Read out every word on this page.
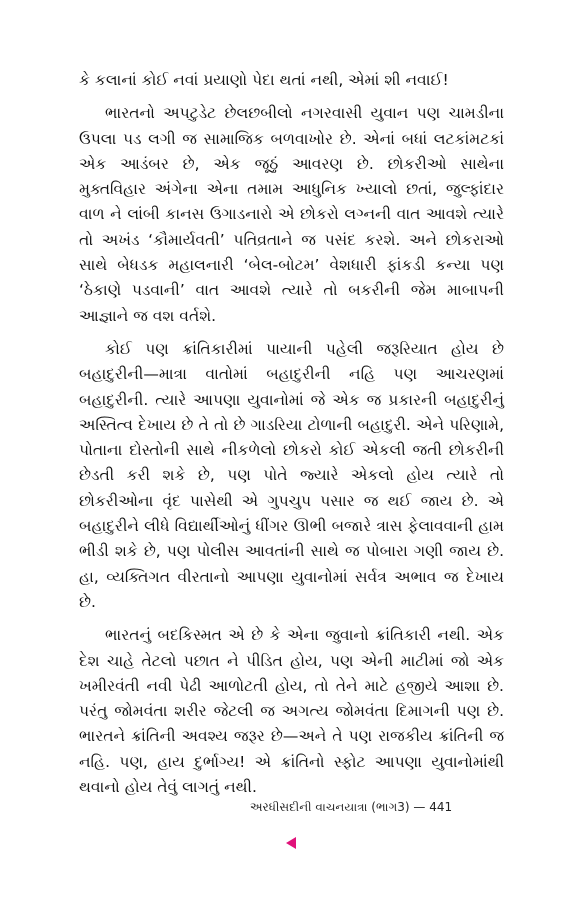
કે કલાનાં કોઈ નવાં પ્રયાણો પેદા થતાં નથી, એમાં શી નવાઈ!

ભારતનો અપટુડેટ છેલછબીલો નગરવાસી યુવાન પણ ચામડીના ઉપલા પડ લગી જ સામાજિક બળવાખોર છે. એનાં બધાં લટકાંમટકાં એક આડંબર છે, એક જૂઠું આવરણ છે. છોકરીઓ સાથેના મુક્તવિહાર અંગેના એના તમામ આધુનિક ખ્યાલો છતાં, જુલ્ફાંદાર વાળ ને લાંબી કાનસ ઉગાડનારો એ છોકરો લગ્નની વાત આવશે ત્યારે તો અખંડ ‘કૌમાર્યવતી’ પતિવ્રતાને જ પસંદ કરશે. અને છોકરાઓ સાથે બેધડક મહાલનારી ‘બેલ-બોટમ’ વેશધારી ફાંકડી કન્યા પણ ‘ઠેકાણે પડવાની’ વાત આવશે ત્યારે તો બકરીની જેમ માબાપની આજ્ઞાને જ વશ વર્તશે.

કોઈ પણ ક્રાંતિકારીમાં પાયાની પહેલી જરૂરિયાત હોય છે બહાદુરીની—માત્રા વાતોમાં બહાદુરીની નહિ પણ આચરણમાં બહાદુરીની. ત્યારે આપણા યુવાનોમાં જે એક જ પ્રકારની બહાદુરીનું અસ્તિત્વ દેખાય છે તે તો છે ગાડરિયા ટોળાની બહાદુરી. એને પરિણામે, પોતાના દોસ્તોની સાથે નીકળેલો છોકરો કોઈ એકલી જતી છોકરીની છેડતી કરી શકે છે, પણ પોતે જ્યારે એકલો હોય ત્યારે તો છોકરીઓના વૃંદ પાસેથી એ ગુપચુપ પસાર જ થઈ જાય છે. એ બહાદુરીને લીધે વિદ્યાર્થીઓનું ધીંગર ઊભી બજારે ત્રાસ ફેલાવવાની હામ ભીડી શકે છે, પણ પોલીસ આવતાંની સાથે જ પોબારા ગણી જાય છે. હા, વ્યક્તિગત વીરતાનો આપણા યુવાનોમાં સર્વત્ર અભાવ જ દેખાય છે.

ભારતનું બદકિસ્મત એ છે કે એના જુવાનો ક્રાંતિકારી નથી. એક દેશ ચાહે તેટલો પછાત ને પીડિત હોય, પણ એની માટીમાં જો એક ખમીરવંતી નવી પેઢી આળોટતી હોય, તો તેને માટે હજીયે આશા છે. પરંતુ જોમવંતા શરીર જેટલી જ અગત્ય જોમવંતા દિમાગની પણ છે. ભારતને ક્રાંતિની અવશ્ય જરૂર છે—અને તે પણ રાજકીય ક્રાંતિની જ નહિ. પણ, હાય દુર્ભાગ્ય! એ ક્રાંતિનો સ્ફોટ આપણા યુવાનોમાંથી થવાનો હોય તેવું લાગતું નથી.

અરધીસદીની વાચનયાત્રા (ભાગ3) — 441
